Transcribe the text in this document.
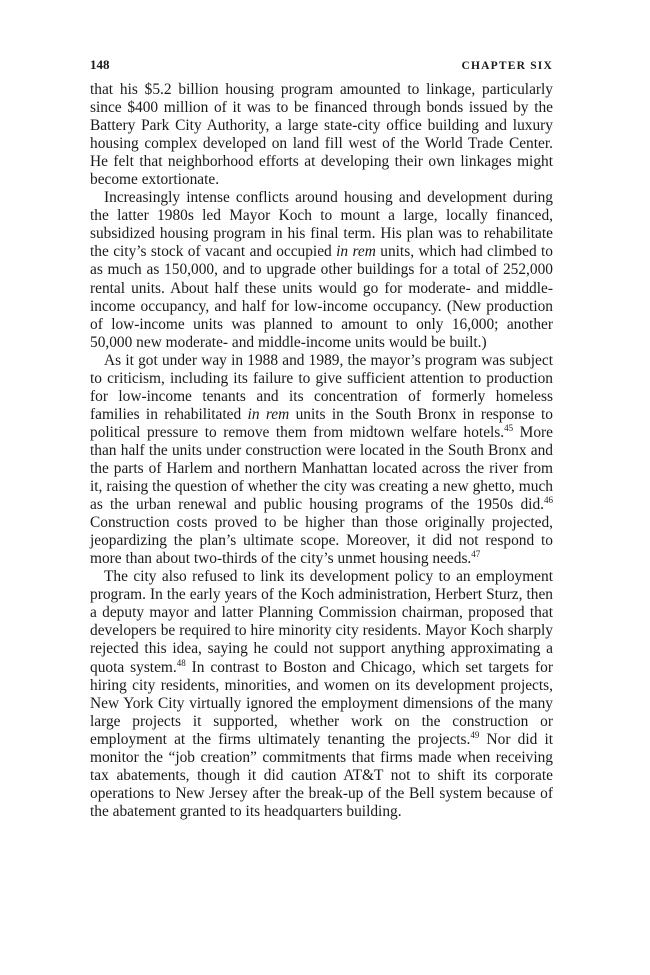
148	CHAPTER SIX

that his $5.2 billion housing program amounted to linkage, particularly since $400 million of it was to be financed through bonds issued by the Battery Park City Authority, a large state-city office building and luxury housing complex developed on land fill west of the World Trade Center. He felt that neighborhood efforts at developing their own linkages might become extortionate.

Increasingly intense conflicts around housing and development during the latter 1980s led Mayor Koch to mount a large, locally financed, subsidized housing program in his final term. His plan was to rehabilitate the city’s stock of vacant and occupied in rem units, which had climbed to as much as 150,000, and to upgrade other buildings for a total of 252,000 rental units. About half these units would go for moderate- and middle-income occupancy, and half for low-income occupancy. (New production of low-income units was planned to amount to only 16,000; another 50,000 new moderate- and middle-income units would be built.)

As it got under way in 1988 and 1989, the mayor’s program was subject to criticism, including its failure to give sufficient attention to production for low-income tenants and its concentration of formerly homeless families in rehabilitated in rem units in the South Bronx in response to political pressure to remove them from midtown welfare hotels.$^{45}$ More than half the units under construction were located in the South Bronx and the parts of Harlem and northern Manhattan located across the river from it, raising the question of whether the city was creating a new ghetto, much as the urban renewal and public housing programs of the 1950s did.$^{46}$ Construction costs proved to be higher than those originally projected, jeopardizing the plan’s ultimate scope. Moreover, it did not respond to more than about two-thirds of the city’s unmet housing needs.$^{47}$

The city also refused to link its development policy to an employment program. In the early years of the Koch administration, Herbert Sturz, then a deputy mayor and latter Planning Commission chairman, proposed that developers be required to hire minority city residents. Mayor Koch sharply rejected this idea, saying he could not support anything approximating a quota system.$^{48}$ In contrast to Boston and Chicago, which set targets for hiring city residents, minorities, and women on its development projects, New York City virtually ignored the employment dimensions of the many large projects it supported, whether work on the construction or employment at the firms ultimately tenanting the projects.$^{49}$ Nor did it monitor the “job creation” commitments that firms made when receiving tax abatements, though it did caution AT&T not to shift its corporate operations to New Jersey after the break-up of the Bell system because of the abatement granted to its headquarters building.
